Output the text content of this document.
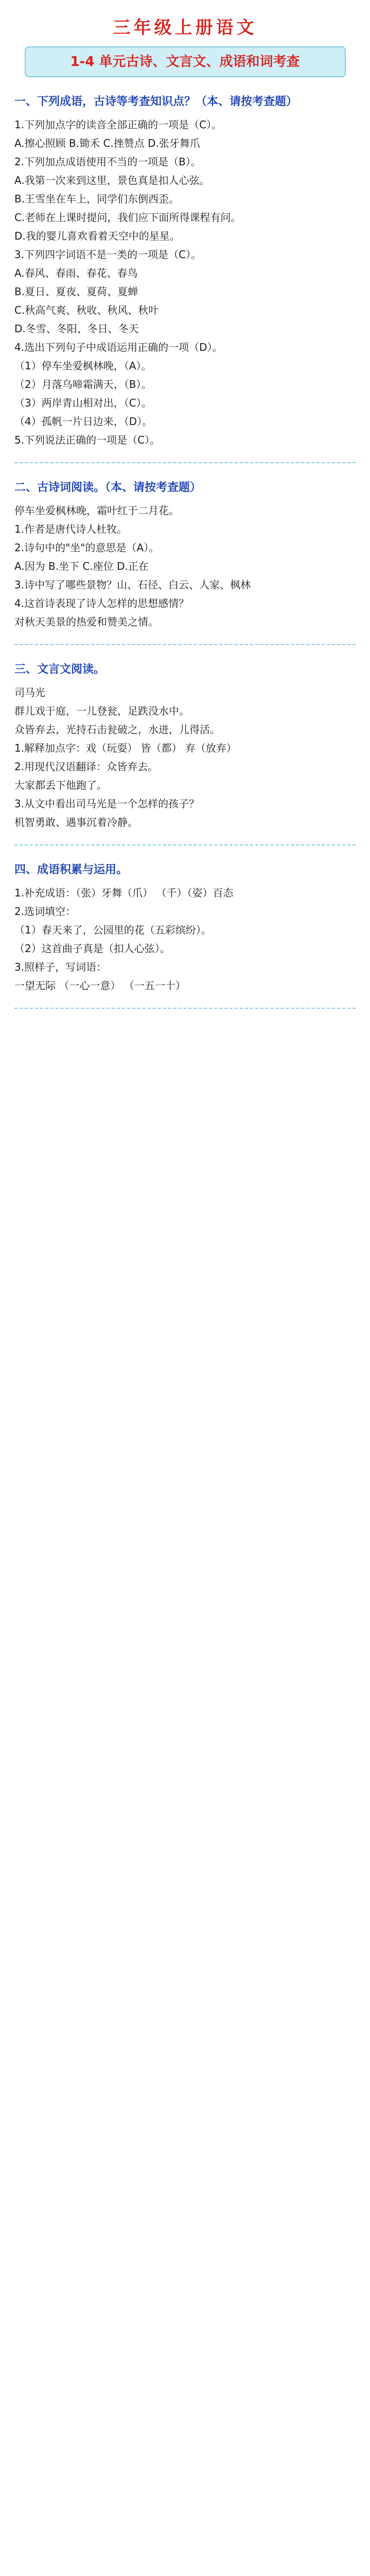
三年级上册语文
1-4 单元古诗、文言文、成语和词考查
一、下列成语，古诗等考查知识点？（本、请按考查题）
1.下列加点字的读音全部正确的一项是（C）。
A.擦心照顾 B.锄禾 C.挫赞点 D.张牙舞爪
2.下列加点成语使用不当的一项是（B）。
A.我第一次来到这里，景色真是扣人心弦。
B.王雪坐在车上，同学们东倒西歪。
C.老师在上课时提问，我们应下面所得课程有问。
D.我的婴儿喜欢看着天空中的星星。
3.下列四字词语不是一类的一项是（C）。
A.春风、春雨、春花、春鸟
B.夏日、夏夜、夏荷、夏蝉
C.秋高气爽、秋收、秋风、秋叶
D.冬雪、冬阳、冬日、冬天
4.选出下列句子中成语运用正确的一项（D）。
（1）停车坐爱枫林晚，（A）。
（2）月落乌啼霜满天，（B）。
（3）两岸青山相对出，（C）。
（4）孤帆一片日边来，（D）。
5.下列说法正确的一项是（C）。
二、古诗词阅读。（本、请按考查题）
停车坐爱枫林晚，霜叶红于二月花。
1.作者是唐代诗人杜牧。
2.诗句中的"坐"的意思是（A）。
A.因为 B.坐下 C.座位 D.正在
3.诗中写了哪些景物？山、石径、白云、人家、枫林
4.这首诗表现了诗人怎样的思想感情？
对秋天美景的热爱和赞美之情。
三、文言文阅读。
司马光
群儿戏于庭，一儿登瓮，足跌没水中。
众皆弃去，光持石击瓮破之，水迸，儿得活。
1.解释加点字：戏（玩耍） 皆（都） 弃（放弃）
2.用现代汉语翻译：众皆弃去。
大家都丢下他跑了。
3.从文中看出司马光是一个怎样的孩子？
机智勇敢、遇事沉着冷静。
四、成语积累与运用。
1.补充成语：（张）牙舞（爪） （千）（姿）百态
2.选词填空：
（1）春天来了，公园里的花（五彩缤纷）。
（2）这首曲子真是（扣人心弦）。
3.照样子，写词语：
一望无际 （一心一意） （一五一十）
